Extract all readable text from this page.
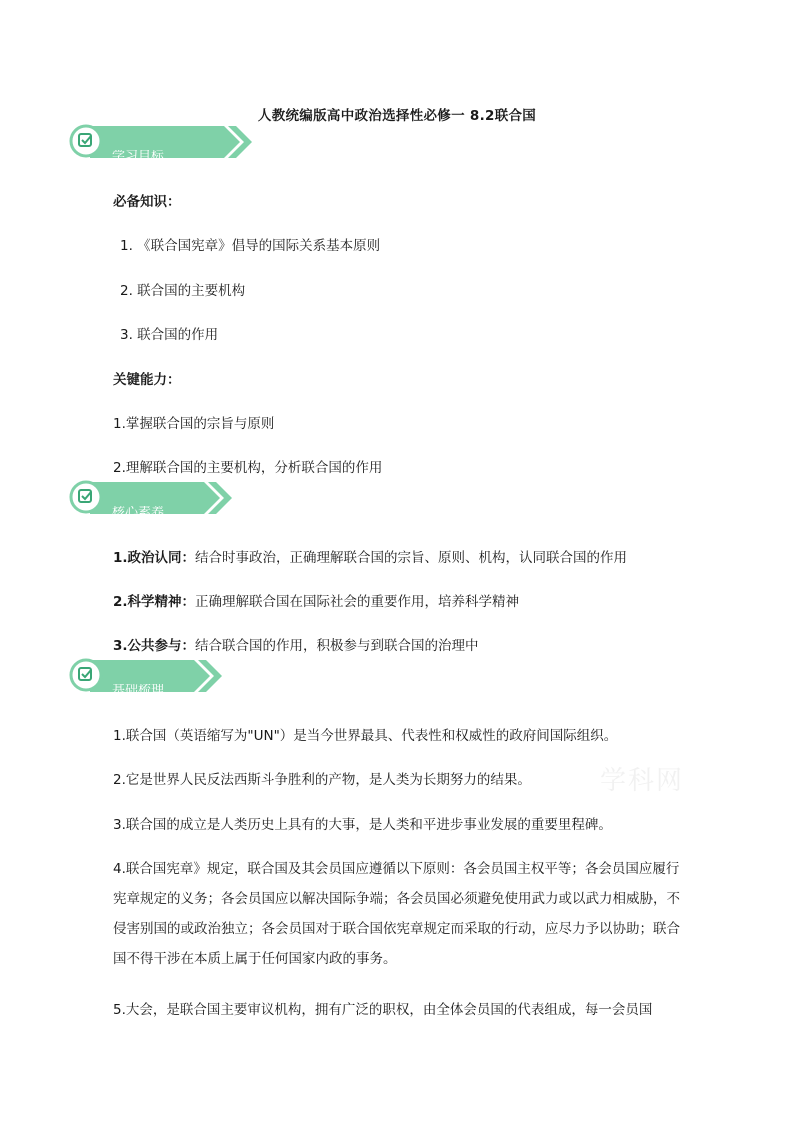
人教统编版高中政治选择性必修一 8.2联合国
学习目标
必备知识：
1. 《联合国宪章》倡导的国际关系基本原则
2. 联合国的主要机构
3. 联合国的作用
关键能力：
1.掌握联合国的宗旨与原则
2.理解联合国的主要机构，分析联合国的作用
核心素养
1.政治认同：结合时事政治，正确理解联合国的宗旨、原则、机构，认同联合国的作用
2.科学精神：正确理解联合国在国际社会的重要作用，培养科学精神
3.公共参与：结合联合国的作用，积极参与到联合国的治理中
基础梳理
学科网
1.联合国（英语缩写为"UN"）是当今世界最具、代表性和权威性的政府间国际组织。
2.它是世界人民反法西斯斗争胜利的产物，是人类为长期努力的结果。
3.联合国的成立是人类历史上具有的大事，是人类和平进步事业发展的重要里程碑。

4.联合国宪章》规定，联合国及其会员国应遵循以下原则：各会员国主权平等；各会员国应履行宪章规定的义务；各会员国应以解决国际争端；各会员国必须避免使用武力或以武力相威胁，不侵害别国的或政治独立；各会员国对于联合国依宪章规定而采取的行动，应尽力予以协助；联合国不得干涉在本质上属于任何国家内政的事务。

5.大会，是联合国主要审议机构，拥有广泛的职权，由全体会员国的代表组成，每一会员国
